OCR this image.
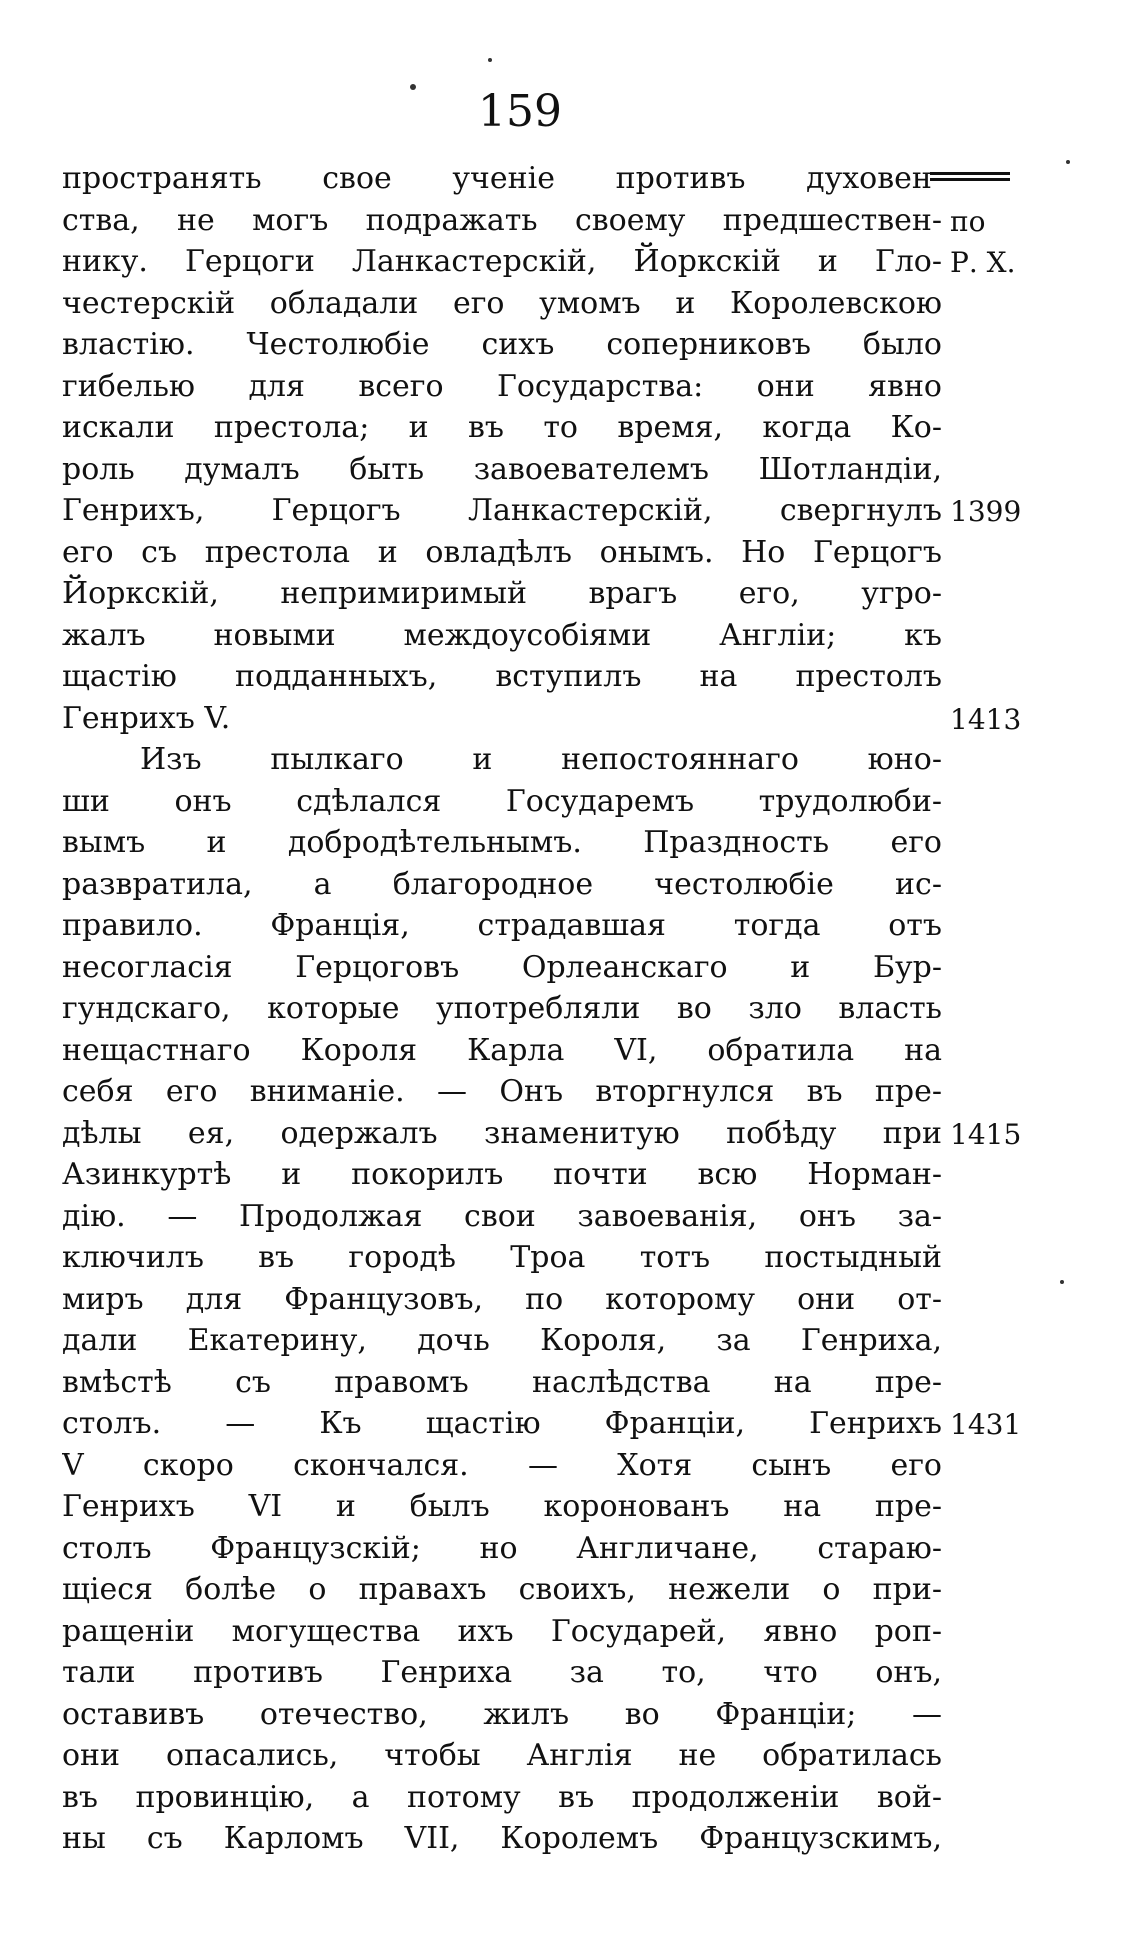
159
пространять свое ученіе противъ духовен-
ства, не могъ подражать своему предшествен-
нику. Герцоги Ланкастерскій, Йоркскій и Гло-
честерскій обладали его умомъ и Королевскою
властію. Честолюбіе сихъ соперниковъ было
гибелью для всего Государства: они явно
искали престола; и въ то время, когда Ко-
роль думалъ быть завоевателемъ Шотландіи,
Генрихъ, Герцогъ Ланкастерскій, свергнулъ
его съ престола и овладѣлъ онымъ. Но Герцогъ
Йоркскій, непримиримый врагъ его, угро-
жалъ новыми междоусобіями Англіи; къ
щастію подданныхъ, вступилъ на престолъ
Генрихъ V.
Изъ пылкаго и непостояннаго юно-
ши онъ сдѣлался Государемъ трудолюби-
вымъ и добродѣтельнымъ. Праздность его
развратила, а благородное честолюбіе ис-
правило. Франція, страдавшая тогда отъ
несогласія Герцоговъ Орлеанскаго и Бур-
гундскаго, которые употребляли во зло власть
нещастнаго Короля Карла VI, обратила на
себя его вниманіе. — Онъ вторгнулся въ пре-
дѣлы ея, одержалъ знаменитую побѣду при
Азинкуртѣ и покорилъ почти всю Норман-
дію. — Продолжая свои завоеванія, онъ за-
ключилъ въ городѣ Троа тотъ постыдный
миръ для Французовъ, по которому они от-
дали Екатерину, дочь Короля, за Генриха,
вмѣстѣ съ правомъ наслѣдства на пре-
столъ. — Къ щастію Франціи, Генрихъ
V скоро скончался. — Хотя сынъ его
Генрихъ VI и былъ коронованъ на пре-
столъ Французскій; но Англичане, стараю-
щіеся болѣе о правахъ своихъ, нежели о при-
ращеніи могущества ихъ Государей, явно роп-
тали противъ Генриха за то, что онъ,
оставивъ отечество, жилъ во Франціи; —
они опасались, чтобы Англія не обратилась
въ провинцію, а потому въ продолженіи вой-
ны съ Карломъ VII, Королемъ Французскимъ,
по
Р. Х.
1399
1413
1415
1431
